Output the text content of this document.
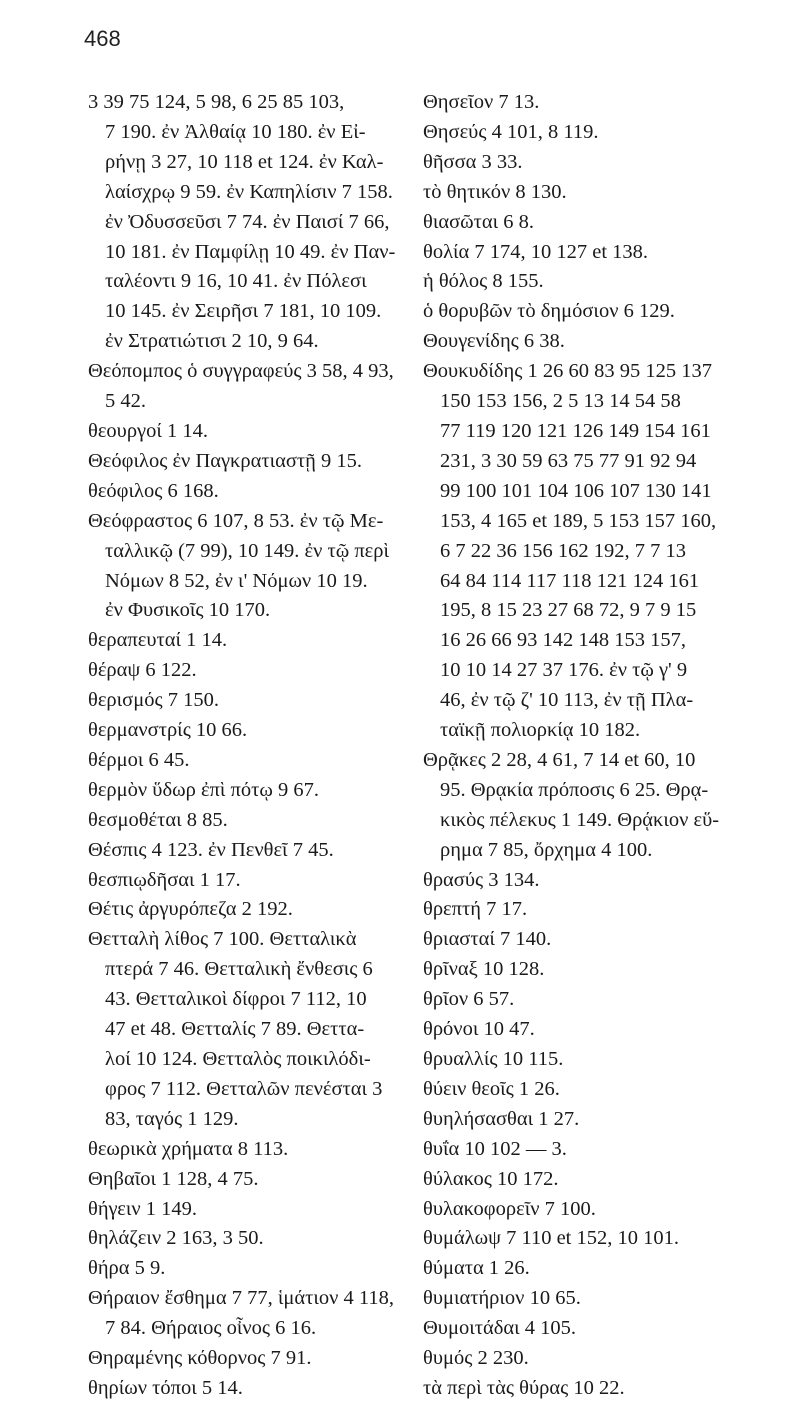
468
3 39 75 124, 5 98, 6 25 85 103,
7 190. ἐν Ἀλθαίᾳ 10 180. ἐν Εἰ-
ρήνῃ 3 27, 10 118 et 124. ἐν Καλ-
λαίσχρῳ 9 59. ἐν Καπηλίσιν 7 158.
ἐν Ὀδυσσεῦσι 7 74. ἐν Παισί 7 66,
10 181. ἐν Παμφίλῃ 10 49. ἐν Παν-
ταλέοντι 9 16, 10 41. ἐν Πόλεσι
10 145. ἐν Σειρῆσι 7 181, 10 109.
ἐν Στρατιώτισι 2 10, 9 64.
Θεόπομπος ὁ συγγραφεύς 3 58, 4 93,
5 42.
θεουργοί 1 14.
Θεόφιλος ἐν Παγκρατιαστῇ 9 15.
θεόφιλος 6 168.
Θεόφραστος 6 107, 8 53. ἐν τῷ Με-
ταλλικῷ (7 99), 10 149. ἐν τῷ περὶ
Νόμων 8 52, ἐν ι' Νόμων 10 19.
ἐν Φυσικοῖς 10 170.
θεραπευταί 1 14.
θέραψ 6 122.
θερισμός 7 150.
θερμανστρίς 10 66.
θέρμοι 6 45.
θερμὸν ὕδωρ ἐπὶ πότῳ 9 67.
θεσμοθέται 8 85.
Θέσπις 4 123. ἐν Πενθεῖ 7 45.
θεσπιῳδῆσαι 1 17.
Θέτις ἀργυρόπεζα 2 192.
Θετταλὴ λίθος 7 100. Θετταλικὰ
πτερά 7 46. Θετταλικὴ ἔνθεσις 6
43. Θετταλικοὶ δίφροι 7 112, 10
47 et 48. Θετταλίς 7 89. Θεττα-
λοί 10 124. Θετταλὸς ποικιλόδι-
φρος 7 112. Θετταλῶν πενέσται 3
83, ταγός 1 129.
θεωρικὰ χρήματα 8 113.
Θηβαῖοι 1 128, 4 75.
θήγειν 1 149.
θηλάζειν 2 163, 3 50.
θήρα 5 9.
Θήραιον ἔσθημα 7 77, ἱμάτιον 4 118,
7 84. Θήραιος οἶνος 6 16.
Θηραμένης κόθορνος 7 91.
θηρίων τόποι 5 14.
Θησεῖον 7 13.
Θησεύς 4 101, 8 119.
θῆσσα 3 33.
τὸ θητικόν 8 130.
θιασῶται 6 8.
θολία 7 174, 10 127 et 138.
ἡ θόλος 8 155.
ὁ θορυβῶν τὸ δημόσιον 6 129.
Θουγενίδης 6 38.
Θουκυδίδης 1 26 60 83 95 125 137
150 153 156, 2 5 13 14 54 58
77 119 120 121 126 149 154 161
231, 3 30 59 63 75 77 91 92 94
99 100 101 104 106 107 130 141
153, 4 165 et 189, 5 153 157 160,
6 7 22 36 156 162 192, 7 7 13
64 84 114 117 118 121 124 161
195, 8 15 23 27 68 72, 9 7 9 15
16 26 66 93 142 148 153 157,
10 10 14 27 37 176. ἐν τῷ γ' 9
46, ἐν τῷ ζ' 10 113, ἐν τῇ Πλα-
ταϊκῇ πολιορκίᾳ 10 182.
Θρᾷκες 2 28, 4 61, 7 14 et 60, 10
95. Θρᾳκία πρόποσις 6 25. Θρᾳ-
κικὸς πέλεκυς 1 149. Θρᾴκιον εὕ-
ρημα 7 85, ὄρχημα 4 100.
θρασύς 3 134.
θρεπτή 7 17.
θριασταί 7 140.
θρῖναξ 10 128.
θρῖον 6 57.
θρόνοι 10 47.
θρυαλλίς 10 115.
θύειν θεοῖς 1 26.
θυηλήσασθαι 1 27.
θυΐα 10 102 — 3.
θύλακος 10 172.
θυλακοφορεῖν 7 100.
θυμάλωψ 7 110 et 152, 10 101.
θύματα 1 26.
θυμιατήριον 10 65.
Θυμοιτάδαι 4 105.
θυμός 2 230.
τὰ περὶ τὰς θύρας 10 22.
